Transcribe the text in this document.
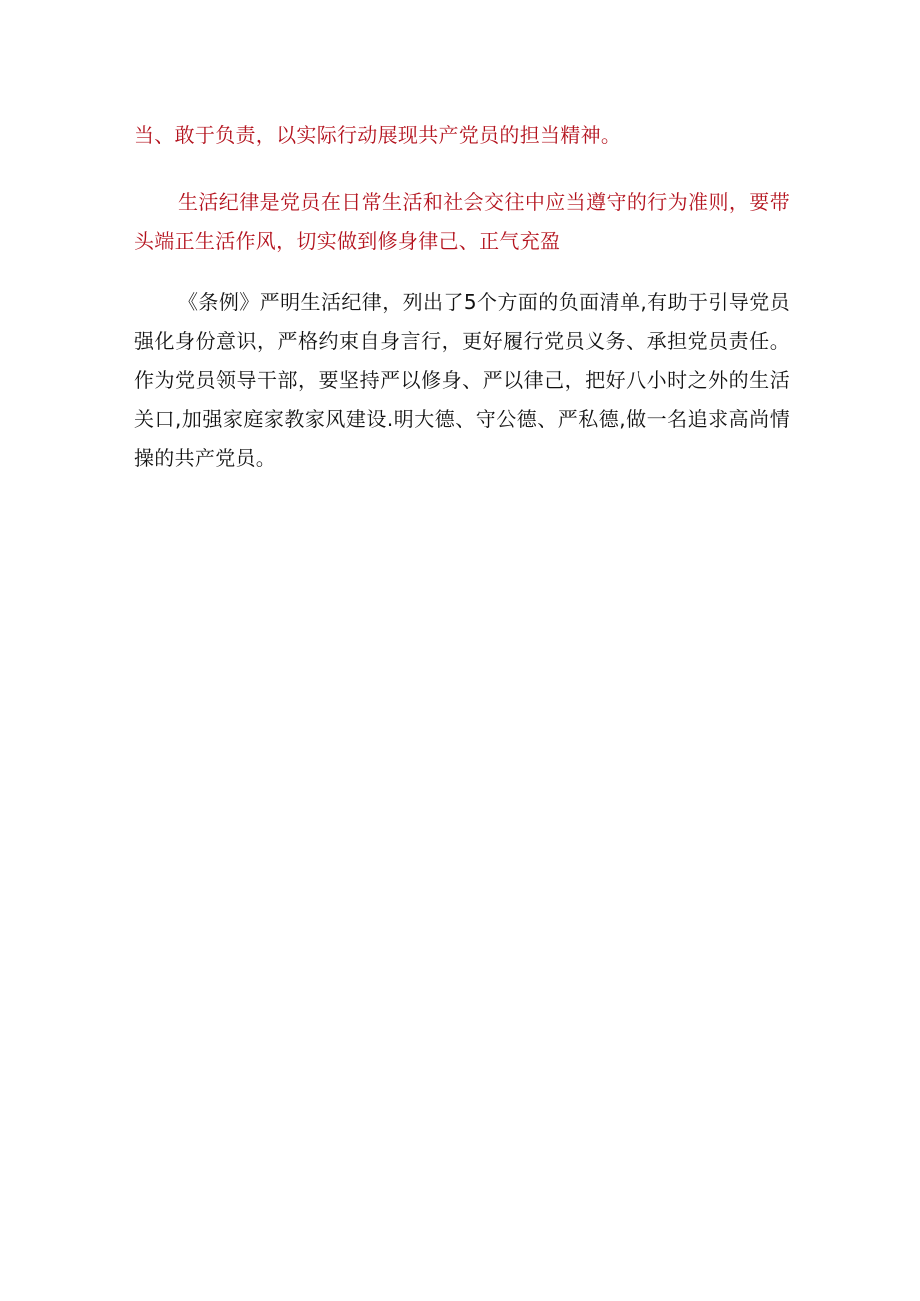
当、敢于负责，以实际行动展现共产党员的担当精神。

生活纪律是党员在日常生活和社会交往中应当遵守的行为准则，要带头端正生活作风，切实做到修身律己、正气充盈

《条例》严明生活纪律，列出了5个方面的负面清单,有助于引导党员强化身份意识，严格约束自身言行，更好履行党员义务、承担党员责任。作为党员领导干部，要坚持严以修身、严以律己，把好八小时之外的生活关口,加强家庭家教家风建设.明大德、守公德、严私德,做一名追求高尚情操的共产党员。
